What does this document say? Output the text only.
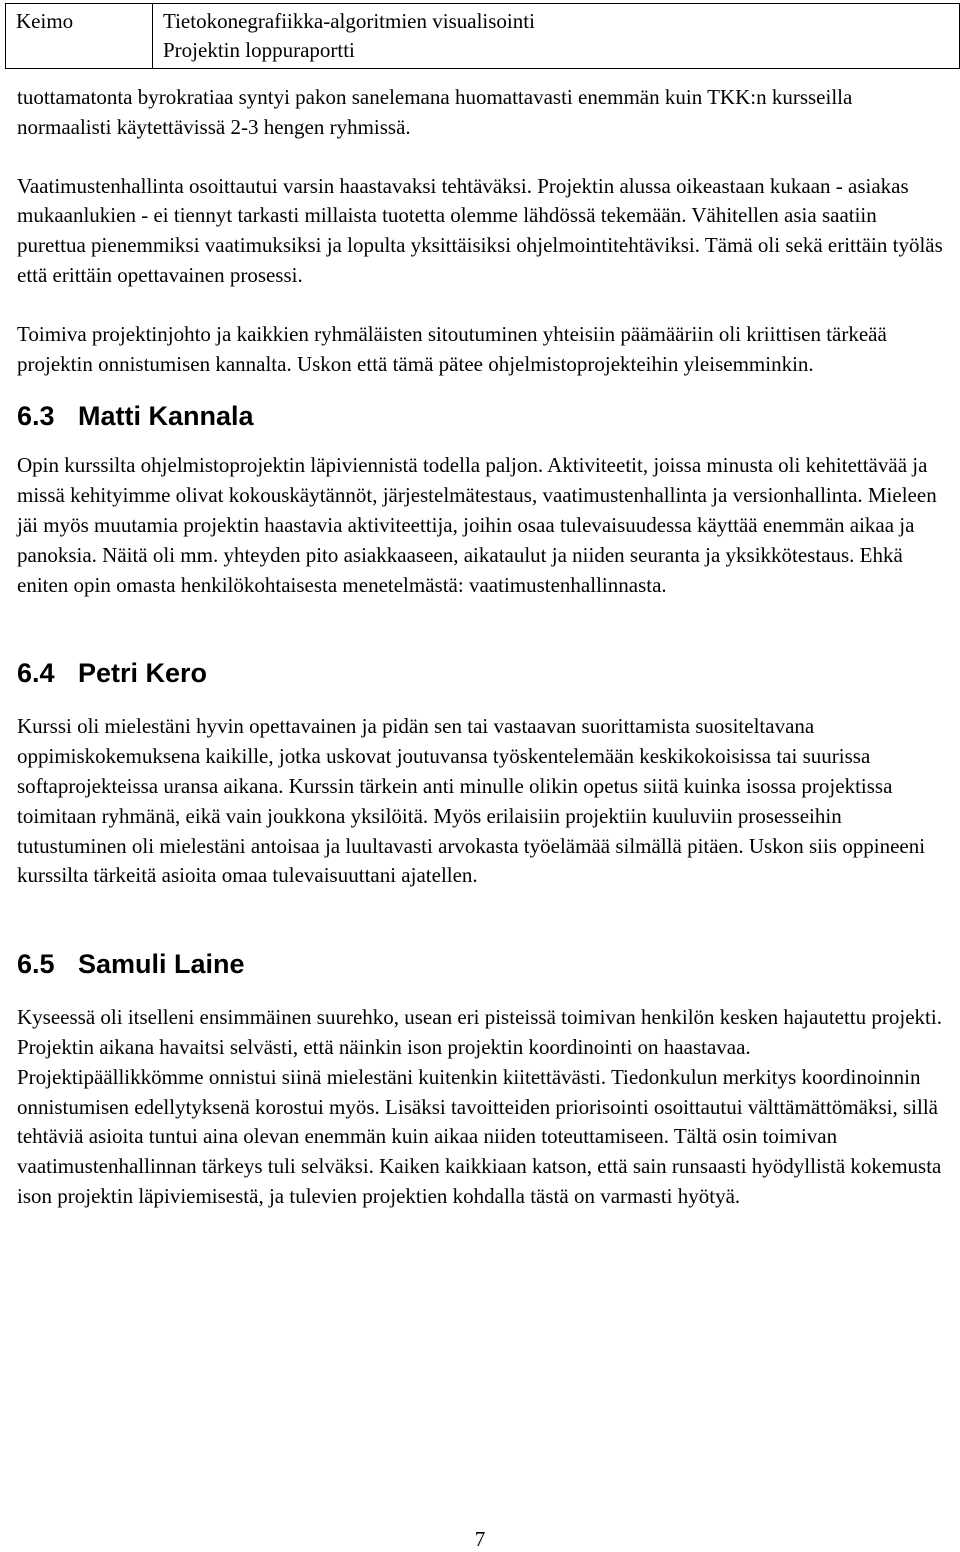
Keimo	Tietokonegrafiikka-algoritmien visualisointi
Projektin loppuraportti

tuottamatonta byrokratiaa syntyi pakon sanelemana huomattavasti enemmän kuin TKK:n kursseilla normaalisti käytettävissä 2-3 hengen ryhmissä.

Vaatimustenhallinta osoittautui varsin haastavaksi tehtäväksi. Projektin alussa oikeastaan kukaan - asiakas mukaanlukien - ei tiennyt tarkasti millaista tuotetta olemme lähdössä tekemään. Vähitellen asia saatiin purettua pienemmiksi vaatimuksiksi ja lopulta yksittäisiksi ohjelmointitehtäviksi. Tämä oli sekä erittäin työläs että erittäin opettavainen prosessi.

Toimiva projektinjohto ja kaikkien ryhmäläisten sitoutuminen yhteisiin päämääriin oli kriittisen tärkeää projektin onnistumisen kannalta. Uskon että tämä pätee ohjelmistoprojekteihin yleisemminkin.

6.3 Matti Kannala

Opin kurssilta ohjelmistoprojektin läpiviennistä todella paljon. Aktiviteetit, joissa minusta oli kehitettävää ja missä kehityimme olivat kokouskäytännöt, järjestelmätestaus, vaatimustenhallinta ja versionhallinta. Mieleen jäi myös muutamia projektin haastavia aktiviteettija, joihin osaa tulevaisuudessa käyttää enemmän aikaa ja panoksia. Näitä oli mm. yhteyden pito asiakkaaseen, aikataulut ja niiden seuranta ja yksikkötestaus. Ehkä eniten opin omasta henkilökohtaisesta menetelmästä: vaatimustenhallinnasta.

6.4 Petri Kero

Kurssi oli mielestäni hyvin opettavainen ja pidän sen tai vastaavan suorittamista suositeltavana oppimiskokemuksena kaikille, jotka uskovat joutuvansa työskentelemään keskikokoisissa tai suurissa softaprojekteissa uransa aikana. Kurssin tärkein anti minulle olikin opetus siitä kuinka isossa projektissa toimitaan ryhmänä, eikä vain joukkona yksilöitä. Myös erilaisiin projektiin kuuluviin prosesseihin tutustuminen oli mielestäni antoisaa ja luultavasti arvokasta työelämää silmällä pitäen. Uskon siis oppineeni kurssilta tärkeitä asioita omaa tulevaisuuttani ajatellen.

6.5 Samuli Laine

Kyseessä oli itselleni ensimmäinen suurehko, usean eri pisteissä toimivan henkilön kesken hajautettu projekti. Projektin aikana havaitsi selvästi, että näinkin ison projektin koordinointi on haastavaa. Projektipäällikkömme onnistui siinä mielestäni kuitenkin kiitettävästi. Tiedonkulun merkitys koordinoinnin onnistumisen edellytyksenä korostui myös. Lisäksi tavoitteiden priorisointi osoittautui välttämättömäksi, sillä tehtäviä asioita tuntui aina olevan enemmän kuin aikaa niiden toteuttamiseen. Tältä osin toimivan vaatimustenhallinnan tärkeys tuli selväksi. Kaiken kaikkiaan katson, että sain runsaasti hyödyllistä kokemusta ison projektin läpiviemisestä, ja tulevien projektien kohdalla tästä on varmasti hyötyä.

7
